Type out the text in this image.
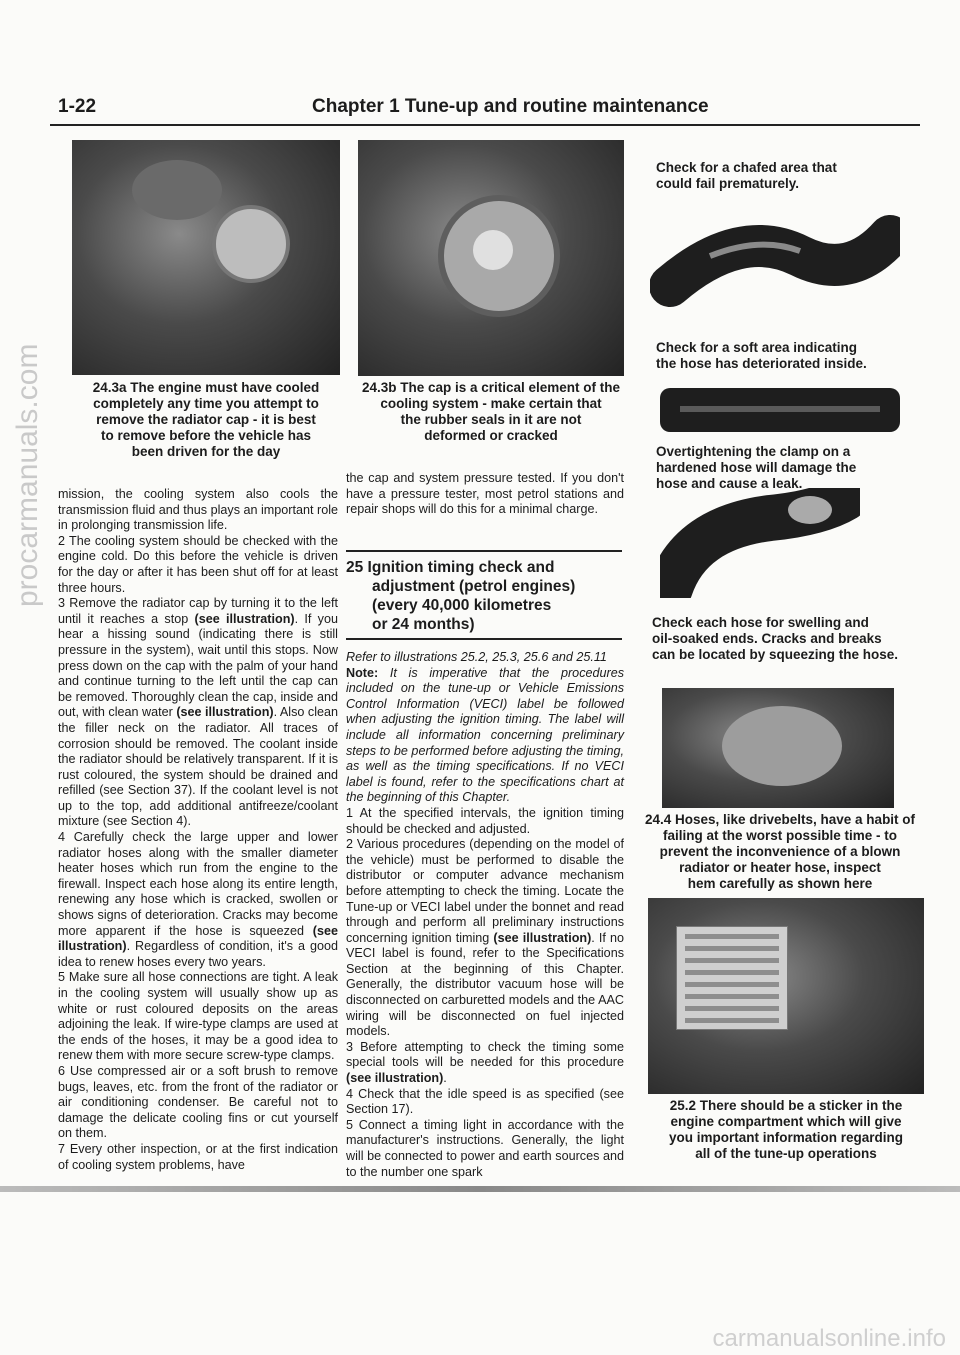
1-22	Chapter 1 Tune-up and routine maintenance
procarmanuals.com
carmanualsonline.info
24.3a The engine must have cooled
completely any time you attempt to
remove the radiator cap - it is best
to remove before the vehicle has
been driven for the day
24.3b The cap is a critical element of the
cooling system - make certain that
the rubber seals in it are not
deformed or cracked

mission, the cooling system also cools the transmission fluid and thus plays an important role in prolonging transmission life.

2 The cooling system should be checked with the engine cold. Do this before the vehicle is driven for the day or after it has been shut off for at least three hours.

3 Remove the radiator cap by turning it to the left until it reaches a stop (see illustration). If you hear a hissing sound (indicating there is still pressure in the system), wait until this stops. Now press down on the cap with the palm of your hand and continue turning to the left until the cap can be removed. Thoroughly clean the cap, inside and out, with clean water (see illustration). Also clean the filler neck on the radiator. All traces of corrosion should be removed. The coolant inside the radiator should be relatively transparent. If it is rust coloured, the system should be drained and refilled (see Section 37). If the coolant level is not up to the top, add additional antifreeze/coolant mixture (see Section 4).

4 Carefully check the large upper and lower radiator hoses along with the smaller diameter heater hoses which run from the engine to the firewall. Inspect each hose along its entire length, renewing any hose which is cracked, swollen or shows signs of deterioration. Cracks may become more apparent if the hose is squeezed (see illustration). Regardless of condition, it's a good idea to renew hoses every two years.

5 Make sure all hose connections are tight. A leak in the cooling system will usually show up as white or rust coloured deposits on the areas adjoining the leak. If wire-type clamps are used at the ends of the hoses, it may be a good idea to renew them with more secure screw-type clamps.

6 Use compressed air or a soft brush to remove bugs, leaves, etc. from the front of the radiator or air conditioning condenser. Be careful not to damage the delicate cooling fins or cut yourself on them.

7 Every other inspection, or at the first indication of cooling system problems, have

the cap and system pressure tested. If you don't have a pressure tester, most petrol stations and repair shops will do this for a minimal charge.

25 Ignition timing check and
adjustment (petrol engines)
(every 40,000 kilometres
or 24 months)

Refer to illustrations 25.2, 25.3, 25.6 and 25.11

Note: It is imperative that the procedures included on the tune-up or Vehicle Emissions Control Information (VECI) label be followed when adjusting the ignition timing. The label will include all information concerning preliminary steps to be performed before adjusting the timing, as well as the timing specifications. If no VECI label is found, refer to the specifications chart at the beginning of this Chapter.

1 At the specified intervals, the ignition timing should be checked and adjusted.

2 Various procedures (depending on the model of the vehicle) must be performed to disable the distributor or computer advance mechanism before attempting to check the timing. Locate the Tune-up or VECI label under the bonnet and read through and perform all preliminary instructions concerning ignition timing (see illustration). If no VECI label is found, refer to the Specifications Section at the beginning of this Chapter. Generally, the distributor vacuum hose will be disconnected on carburetted models and the AAC wiring will be disconnected on fuel injected models.

3 Before attempting to check the timing some special tools will be needed for this procedure (see illustration).

4 Check that the idle speed is as specified (see Section 17).

5 Connect a timing light in accordance with the manufacturer's instructions. Generally, the light will be connected to power and earth sources and to the number one spark

Check for a chafed area that
could fail prematurely.
Check for a soft area indicating
the hose has deteriorated inside.
Overtightening the clamp on a
hardened hose will damage the
hose and cause a leak.
Check each hose for swelling and
oil-soaked ends. Cracks and breaks
can be located by squeezing the hose.
24.4 Hoses, like drivebelts, have a habit of
failing at the worst possible time - to
prevent the inconvenience of a blown
radiator or heater hose, inspect
hem carefully as shown here
25.2 There should be a sticker in the
engine compartment which will give
you important information regarding
all of the tune-up operations
